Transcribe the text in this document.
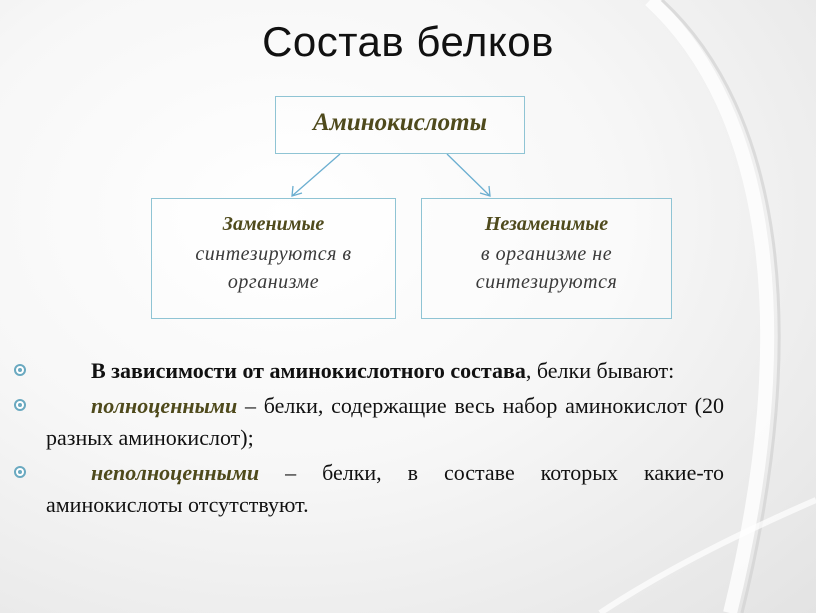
Состав белков
Аминокислоты
Заменимые
синтезируются в организме
Незаменимые
в организме не синтезируются
В зависимости от аминокислотного состава, белки бывают:
полноценными – белки, содержащие весь набор аминокислот (20 разных аминокислот);
неполноценными – белки, в составе которых какие-то аминокислоты отсутствуют.
